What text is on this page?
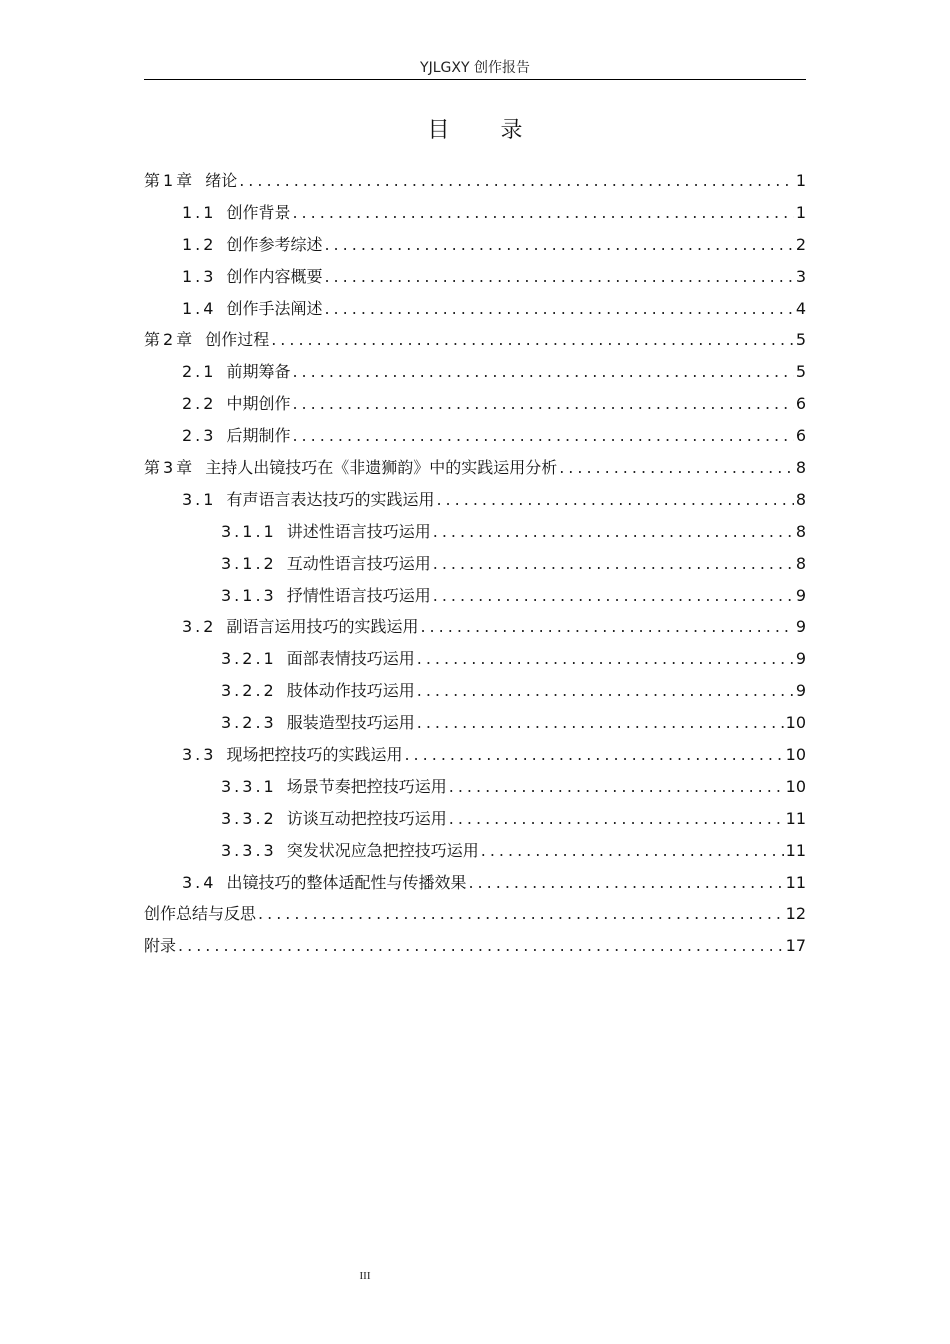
YJLGXY 创作报告
目 录
第1章 绪论 .....	1
1.1 创作背景 .....	1
1.2 创作参考综述 .....	2
1.3 创作内容概要 .....	3
1.4 创作手法阐述 .....	4
第2章 创作过程 .....	5
2.1 前期筹备 .....	5
2.2 中期创作 .....	6
2.3 后期制作 .....	6
第3章 主持人出镜技巧在《非遗狮韵》中的实践运用分析 .....	8
3.1 有声语言表达技巧的实践运用 .....	8
3.1.1 讲述性语言技巧运用 .....	8
3.1.2 互动性语言技巧运用 .....	8
3.1.3 抒情性语言技巧运用 .....	9
3.2 副语言运用技巧的实践运用 .....	9
3.2.1 面部表情技巧运用 .....	9
3.2.2 肢体动作技巧运用 .....	9
3.2.3 服装造型技巧运用 .....	10
3.3 现场把控技巧的实践运用 .....	10
3.3.1 场景节奏把控技巧运用 .....	10
3.3.2 访谈互动把控技巧运用 .....	11
3.3.3 突发状况应急把控技巧运用 .....	11
3.4 出镜技巧的整体适配性与传播效果 .....	11
创作总结与反思 .....	12
附录 .....	17
III
